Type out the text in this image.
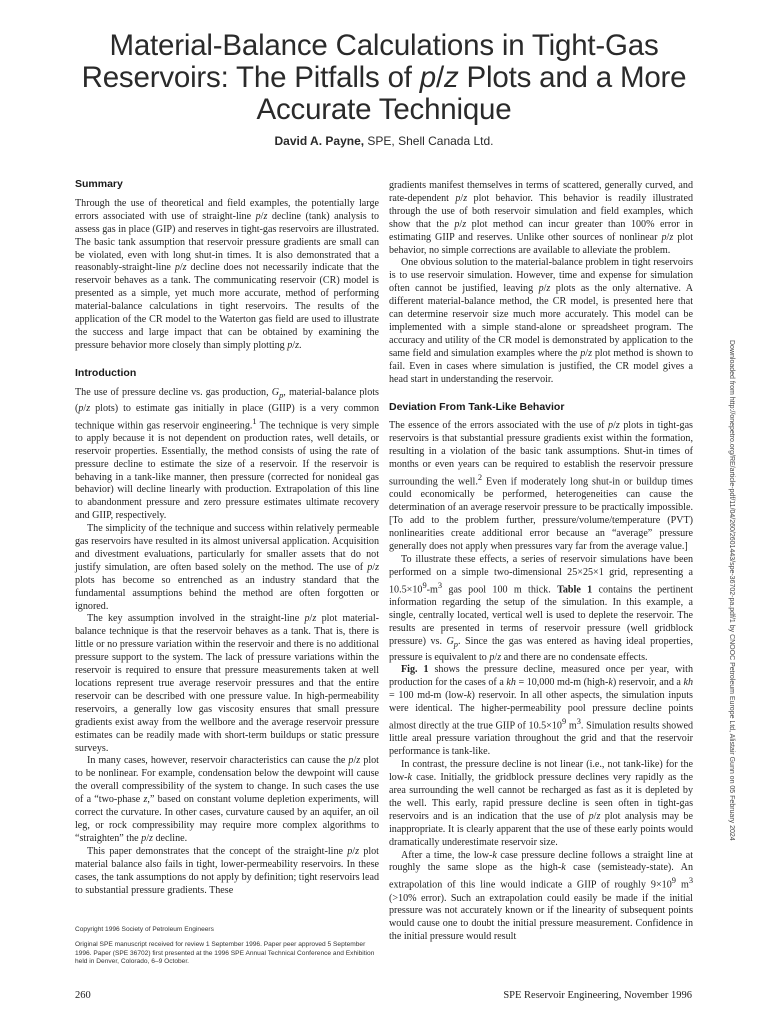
Material-Balance Calculations in Tight-Gas Reservoirs: The Pitfalls of p/z Plots and a More Accurate Technique
David A. Payne, SPE, Shell Canada Ltd.
Summary

Through the use of theoretical and field examples, the potentially large errors associated with use of straight-line p/z decline (tank) analysis to assess gas in place (GIP) and reserves in tight-gas reservoirs are illustrated. The basic tank assumption that reservoir pressure gradients are small can be violated, even with long shut-in times. It is also demonstrated that a reasonably-straight-line p/z decline does not necessarily indicate that the reservoir behaves as a tank. The communicating reservoir (CR) model is presented as a simple, yet much more accurate, method of performing material-balance calculations in tight reservoirs. The results of the application of the CR model to the Waterton gas field are used to illustrate the success and large impact that can be obtained by examining the pressure behavior more closely than simply plotting p/z.

Introduction

The use of pressure decline vs. gas production, $G_p$, material-balance plots (p/z plots) to estimate gas initially in place (GIIP) is a very common technique within gas reservoir engineering.$^1$ The technique is very simple to apply because it is not dependent on production rates, well details, or reservoir properties. Essentially, the method consists of using the rate of pressure decline to estimate the size of a reservoir. If the reservoir is behaving in a tank-like manner, then pressure (corrected for nonideal gas behavior) will decline linearly with production. Extrapolation of this line to abandonment pressure and zero pressure estimates ultimate recovery and GIIP, respectively.

The simplicity of the technique and success within relatively permeable gas reservoirs have resulted in its almost universal application. Acquisition and divestment evaluations, particularly for smaller assets that do not justify simulation, are often based solely on the method. The use of p/z plots has become so entrenched as an industry standard that the fundamental assumptions behind the method are often forgotten or ignored.

The key assumption involved in the straight-line p/z plot material-balance technique is that the reservoir behaves as a tank. That is, there is little or no pressure variation within the reservoir and there is no additional pressure support to the system. The lack of pressure variations within the reservoir is required to ensure that pressure measurements taken at well locations represent true average reservoir pressures and that the entire reservoir can be described with one pressure value. In high-permeability reservoirs, a generally low gas viscosity ensures that small pressure gradients exist away from the wellbore and the average reservoir pressure estimates can be readily made with short-term buildups or static pressure surveys.

In many cases, however, reservoir characteristics can cause the p/z plot to be nonlinear. For example, condensation below the dewpoint will cause the overall compressibility of the system to change. In such cases the use of a “two-phase z,” based on constant volume depletion experiments, will correct the curvature. In other cases, curvature caused by an aquifer, an oil leg, or rock compressibility may require more complex algorithms to “straighten” the p/z decline.

This paper demonstrates that the concept of the straight-line p/z plot material balance also fails in tight, lower-permeability reservoirs. In these cases, the tank assumptions do not apply by definition; tight reservoirs lead to substantial pressure gradients. These

gradients manifest themselves in terms of scattered, generally curved, and rate-dependent p/z plot behavior. This behavior is readily illustrated through the use of both reservoir simulation and field examples, which show that the p/z plot method can incur greater than 100% error in estimating GIIP and reserves. Unlike other sources of nonlinear p/z plot behavior, no simple corrections are available to alleviate the problem.

One obvious solution to the material-balance problem in tight reservoirs is to use reservoir simulation. However, time and expense for simulation often cannot be justified, leaving p/z plots as the only alternative. A different material-balance method, the CR model, is presented here that can determine reservoir size much more accurately. This model can be implemented with a simple stand-alone or spreadsheet program. The accuracy and utility of the CR model is demonstrated by application to the same field and simulation examples where the p/z plot method is shown to fail. Even in cases where simulation is justified, the CR model gives a head start in understanding the reservoir.

Deviation From Tank-Like Behavior

The essence of the errors associated with the use of p/z plots in tight-gas reservoirs is that substantial pressure gradients exist within the formation, resulting in a violation of the basic tank assumptions. Shut-in times of months or even years can be required to establish the reservoir pressure surrounding the well.$^2$ Even if moderately long shut-in or buildup times could economically be performed, heterogeneities can cause the determination of an average reservoir pressure to be practically impossible. [To add to the problem further, pressure/volume/temperature (PVT) nonlinearities create additional error because an “average” pressure generally does not apply when pressures vary far from the average value.]

To illustrate these effects, a series of reservoir simulations have been performed on a simple two-dimensional 25×25×1 grid, representing a $10.5\times 10^9-m^3$ gas pool 100 m thick. Table 1 contains the pertinent information regarding the setup of the simulation. In this example, a single, centrally located, vertical well is used to deplete the reservoir. The results are presented in terms of reservoir pressure (well gridblock pressure) vs. $G_p$. Since the gas was entered as having ideal properties, pressure is equivalent to p/z and there are no condensate effects.

Fig. 1 shows the pressure decline, measured once per year, with production for the cases of a kh = 10,000 md-m (high-k) reservoir, and a kh = 100 md-m (low-k) reservoir. In all other aspects, the simulation inputs were identical. The higher-permeability pool pressure decline points almost directly at the true GIIP of $10.5\times 10^9$ $m^3$. Simulation results showed little areal pressure variation throughout the grid and that the reservoir performance is tank-like.

In contrast, the pressure decline is not linear (i.e., not tank-like) for the low-k case. Initially, the gridblock pressure declines very rapidly as the area surrounding the well cannot be recharged as fast as it is depleted by the well. This early, rapid pressure decline is seen often in tight-gas reservoirs and is an indication that the use of p/z plot analysis may be inappropriate. It is clearly apparent that the use of these early points would dramatically underestimate reservoir size.

After a time, the low-k case pressure decline follows a straight line at roughly the same slope as the high-k case (semisteady-state). An extrapolation of this line would indicate a GIIP of roughly $9\times 10^9$ $m^3$ (>10% error). Such an extrapolation could easily be made if the initial pressure was not accurately known or if the linearity of subsequent points would cause one to doubt the initial pressure measurement. Confidence in the initial pressure would result

Copyright 1996 Society of Petroleum Engineers

Original SPE manuscript received for review 1 September 1996. Paper peer approved 5 September 1996. Paper (SPE 36702) first presented at the 1996 SPE Annual Technical Conference and Exhibition held in Denver, Colorado, 6–9 October.

260	SPE Reservoir Engineering, November 1996
Downloaded from http://onepetro.org/RE/article-pdf/11/04/260/2601443/spe-36702-pa.pdf/1 by CNOOC Petroleum Europe Ltd, Alistair Gunn on 05 February 2024
